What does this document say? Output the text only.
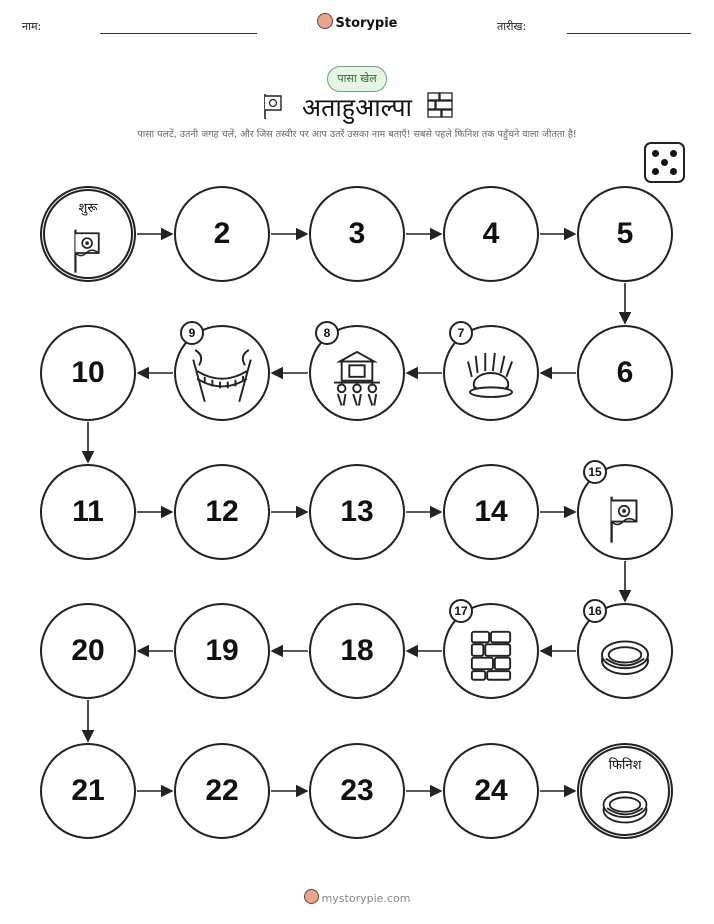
नाम:	Storypie	तारीख:
पासा खेल
अताहुआल्पा
पासा पलटें, उतनी जगह चलें, और जिस तस्वीर पर आप उतरें उसका नाम बताएँ! सबसे पहले फिनिश तक पहुँचने वाला जीतता है!
शुरू
2	3	4	5
6
7
8
9
10
11	12	13	14
15
16
17
18
19
20
21	22	23	24
फिनिश
mystorypie.com
